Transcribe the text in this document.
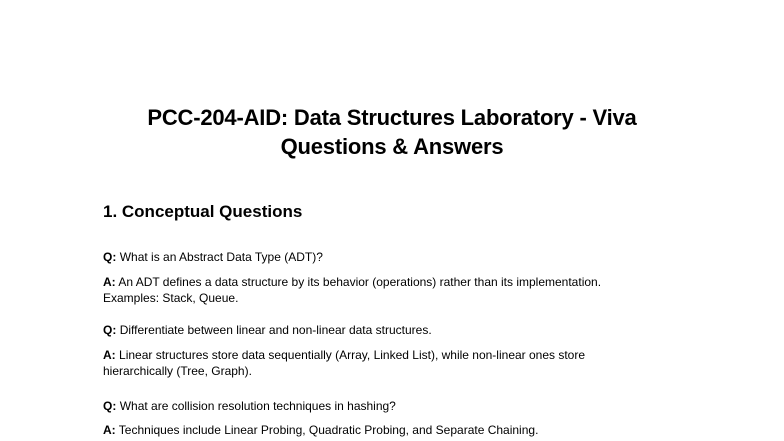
PCC-204-AID: Data Structures Laboratory - Viva
Questions & Answers
1. Conceptual Questions

Q: What is an Abstract Data Type (ADT)?

A: An ADT defines a data structure by its behavior (operations) rather than its implementation.
Examples: Stack, Queue.

Q: Differentiate between linear and non-linear data structures.

A: Linear structures store data sequentially (Array, Linked List), while non-linear ones store
hierarchically (Tree, Graph).

Q: What are collision resolution techniques in hashing?

A: Techniques include Linear Probing, Quadratic Probing, and Separate Chaining.
